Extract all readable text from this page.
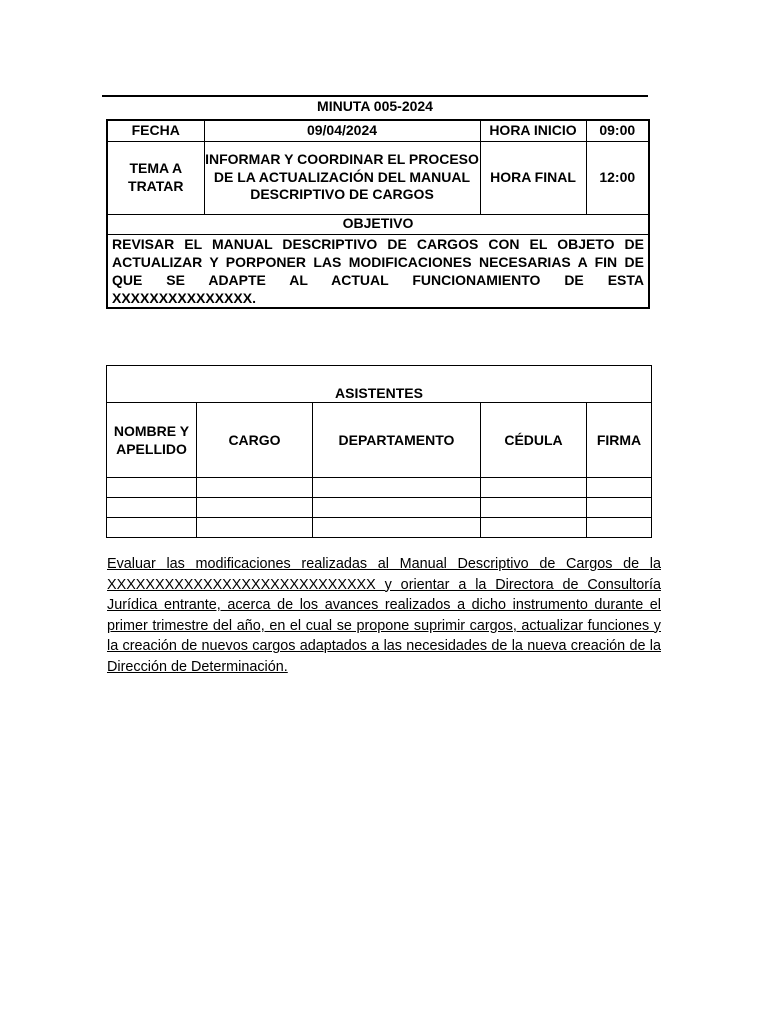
MINUTA 005-2024
FECHA	09/04/2024	HORA INICIO	09:00
TEMA A TRATAR	INFORMAR Y COORDINAR EL PROCESO DE LA ACTUALIZACIÓN DEL MANUAL DESCRIPTIVO DE CARGOS	HORA FINAL	12:00
OBJETIVO			
REVISAR EL MANUAL DESCRIPTIVO DE CARGOS CON EL OBJETO DE ACTUALIZAR Y PORPONER LAS MODIFICACIONES NECESARIAS A FIN DE QUE SE ADAPTE AL ACTUAL FUNCIONAMIENTO DE ESTA XXXXXXXXXXXXXXX.			
ASISTENTES				
NOMBRE Y APELLIDO	CARGO	DEPARTAMENTO	CÉDULA	FIRMA

Evaluar las modificaciones realizadas al Manual Descriptivo de Cargos de la XXXXXXXXXXXXXXXXXXXXXXXXXXXX y orientar a la Directora de Consultoría Jurídica entrante, acerca de los avances realizados a dicho instrumento durante el primer trimestre del año, en el cual se propone suprimir cargos, actualizar funciones y la creación de nuevos cargos adaptados a las necesidades de la nueva creación de la Dirección de Determinación.
